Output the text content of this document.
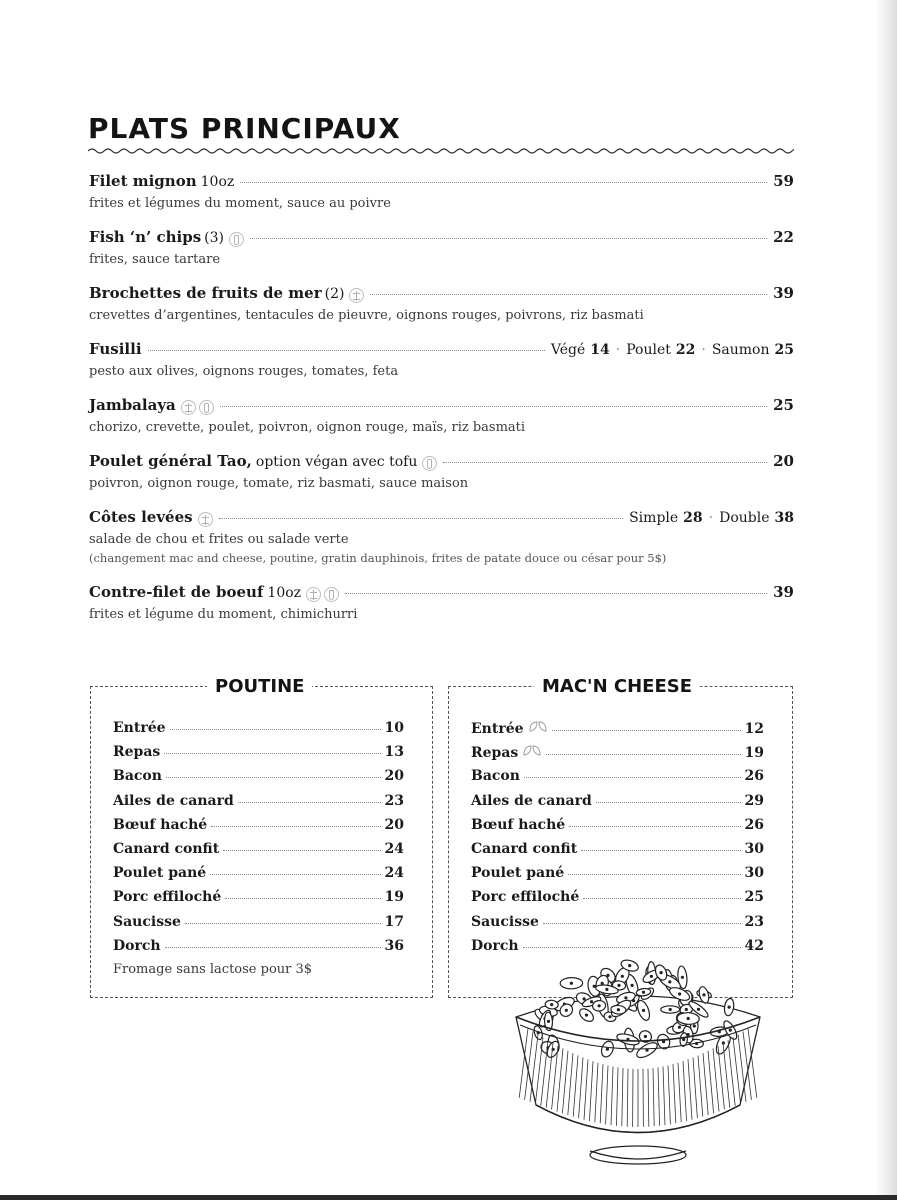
PLATS PRINCIPAUX
Filet mignon 10oz	59
frites et légumes du moment, sauce au poivre
Fish ‘n’ chips (3)	22
frites, sauce tartare
Brochettes de fruits de mer (2)	39
crevettes d’argentines, tentacules de pieuvre, oignons rouges, poivrons, riz basmati
Fusilli	Végé 14 · Poulet 22 · Saumon 25
pesto aux olives, oignons rouges, tomates, feta
Jambalaya	25
chorizo, crevette, poulet, poivron, oignon rouge, maïs, riz basmati
Poulet général Tao, option végan avec tofu	20
poivron, oignon rouge, tomate, riz basmati, sauce maison
Côtes levées	Simple 28 · Double 38
salade de chou et frites ou salade verte
(changement mac and cheese, poutine, gratin dauphinois, frites de patate douce ou césar pour 5$)
Contre-filet de boeuf 10oz	39
frites et légume du moment, chimichurri
POUTINE
Entrée	10
Repas	13
Bacon	20
Ailes de canard	23
Bœuf haché	20
Canard confit	24
Poulet pané	24
Porc effiloché	19
Saucisse	17
Dorch	36
Fromage sans lactose pour 3$
MAC'N CHEESE
Entrée	12
Repas	19
Bacon	26
Ailes de canard	29
Bœuf haché	26
Canard confit	30
Poulet pané	30
Porc effiloché	25
Saucisse	23
Dorch	42
